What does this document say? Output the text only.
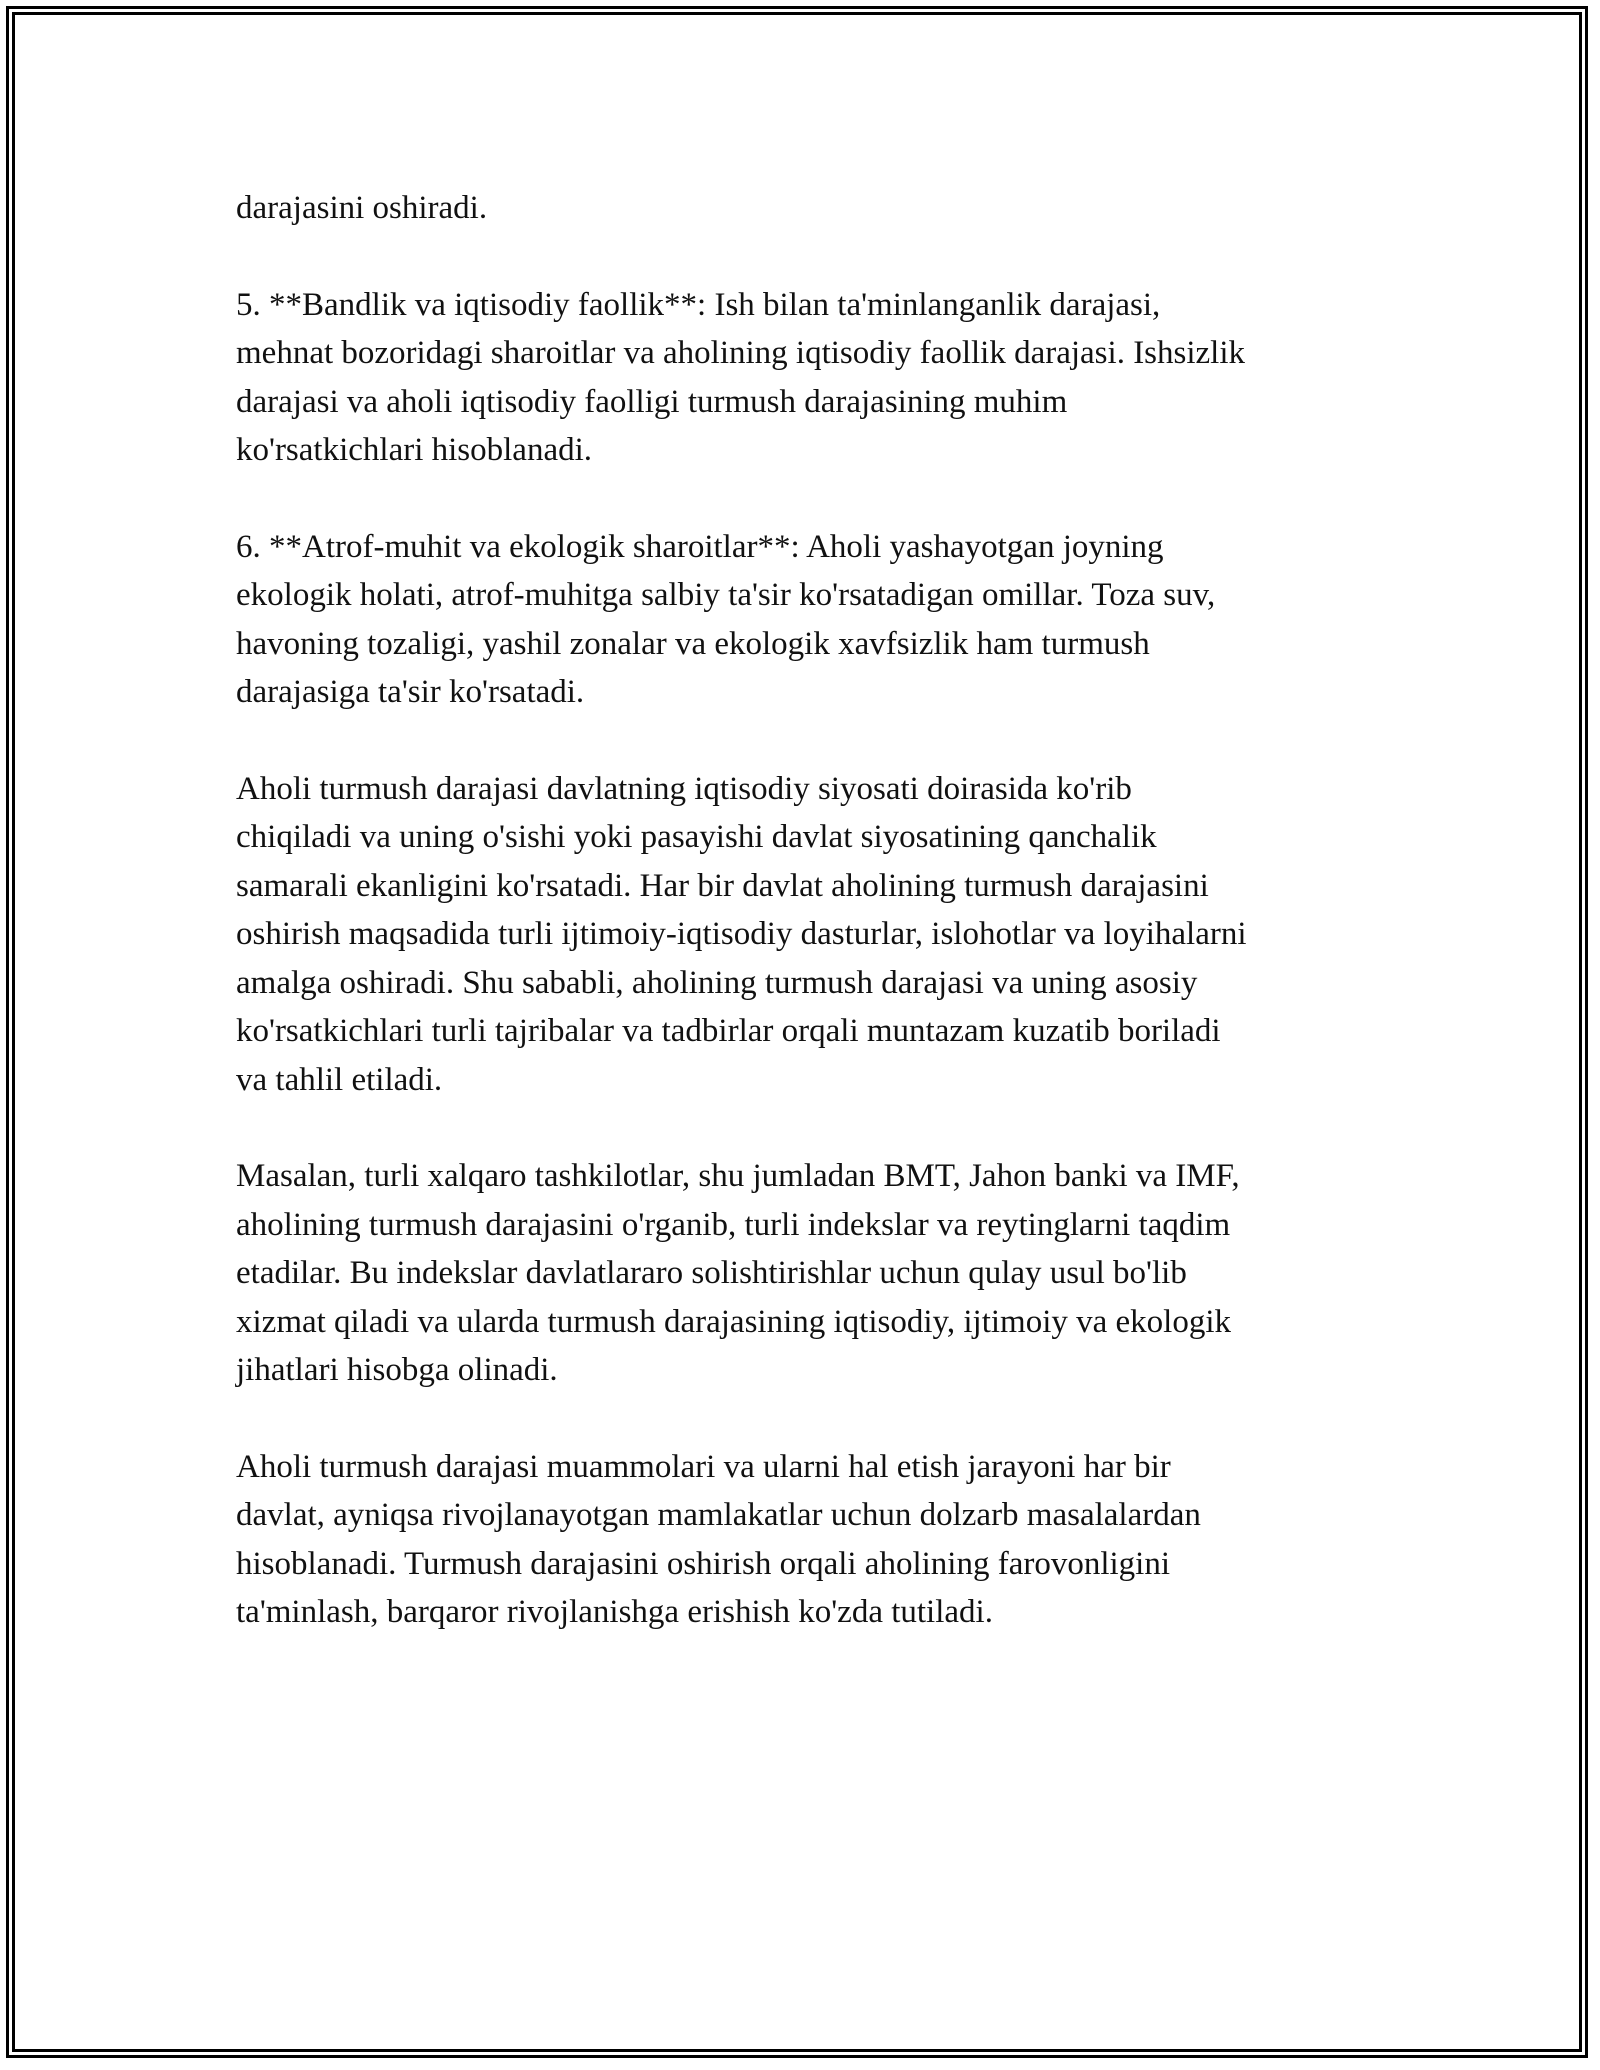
darajasini oshiradi.
5. **Bandlik va iqtisodiy faollik**: Ish bilan ta'minlanganlik darajasi,
mehnat bozoridagi sharoitlar va aholining iqtisodiy faollik darajasi. Ishsizlik
darajasi va aholi iqtisodiy faolligi turmush darajasining muhim
ko'rsatkichlari hisoblanadi.
6. **Atrof-muhit va ekologik sharoitlar**: Aholi yashayotgan joyning
ekologik holati, atrof-muhitga salbiy ta'sir ko'rsatadigan omillar. Toza suv,
havoning tozaligi, yashil zonalar va ekologik xavfsizlik ham turmush
darajasiga ta'sir ko'rsatadi.
Aholi turmush darajasi davlatning iqtisodiy siyosati doirasida ko'rib
chiqiladi va uning o'sishi yoki pasayishi davlat siyosatining qanchalik
samarali ekanligini ko'rsatadi. Har bir davlat aholining turmush darajasini
oshirish maqsadida turli ijtimoiy-iqtisodiy dasturlar, islohotlar va loyihalarni
amalga oshiradi. Shu sababli, aholining turmush darajasi va uning asosiy
ko'rsatkichlari turli tajribalar va tadbirlar orqali muntazam kuzatib boriladi
va tahlil etiladi.
Masalan, turli xalqaro tashkilotlar, shu jumladan BMT, Jahon banki va IMF,
aholining turmush darajasini o'rganib, turli indekslar va reytinglarni taqdim
etadilar. Bu indekslar davlatlararo solishtirishlar uchun qulay usul bo'lib
xizmat qiladi va ularda turmush darajasining iqtisodiy, ijtimoiy va ekologik
jihatlari hisobga olinadi.
Aholi turmush darajasi muammolari va ularni hal etish jarayoni har bir
davlat, ayniqsa rivojlanayotgan mamlakatlar uchun dolzarb masalalardan
hisoblanadi. Turmush darajasini oshirish orqali aholining farovonligini
ta'minlash, barqaror rivojlanishga erishish ko'zda tutiladi.
